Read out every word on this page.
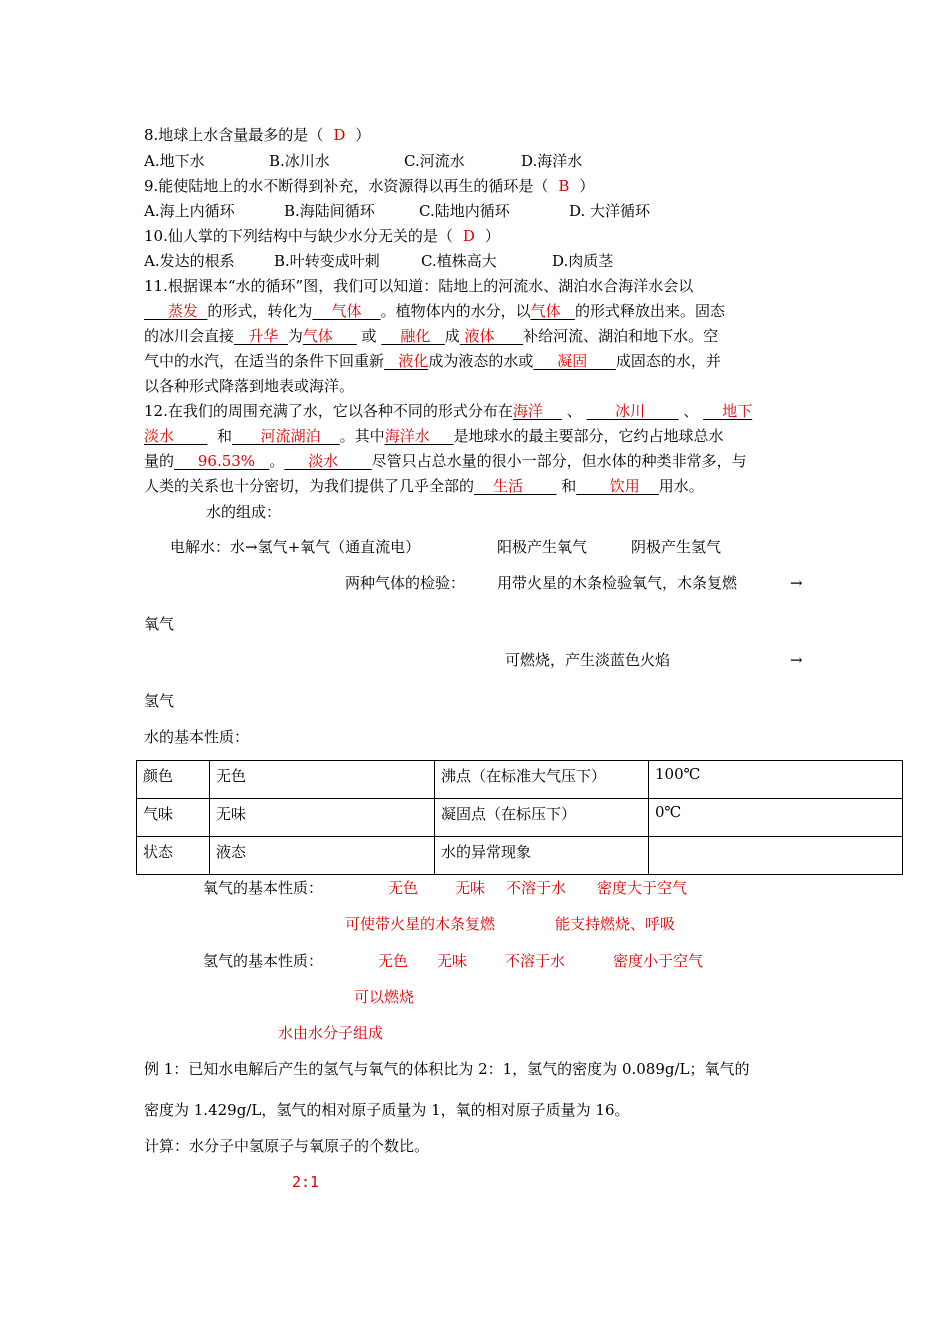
8.地球上水含量最多的是（ D ）
A.地下水	B.冰川水	C.河流水	D.海洋水
9.能使陆地上的水不断得到补充，水资源得以再生的循环是（ B ）
A.海上内循环	B.海陆间循环	C.陆地内循环	D. 大洋循环
10.仙人掌的下列结构中与缺少水分无关的是（ D ）
A.发达的根系	B.叶转变成叶刺	C.植株高大	D.肉质茎
11.根据课本“水的循环”图，我们可以知道：陆地上的河流水、湖泊水合海洋水会以
蒸发 的形式，转化为 气体 。植物体内的水分，以气体 的形式释放出来。固态
的冰川会直接 升华 为气体 或 融化 成 液体 补给河流、湖泊和地下水。空
气中的水汽，在适当的条件下回重新 液化成为液态的水或 凝固 成固态的水，并
以各种形式降落到地表或海洋。
12.在我们的周围充满了水，它以各种不同的形式分布在海洋 、 冰川	、 地下
淡水	和 河流湖泊 。其中海洋水 是地球水的最主要部分，它约占地球总水
量的 96.53% 。 淡水 尽管只占总水量的很小一部分，但水体的种类非常多，与
人类的关系也十分密切，为我们提供了几乎全部的 生活	和 饮用 用水。
水的组成：
电解水：水→氢气+氧气（通直流电）	阳极产生氧气	阴极产生氢气
两种气体的检验： 用带火星的木条检验氧气，木条复燃	→
氧气
可燃烧，产生淡蓝色火焰	→
氢气
水的基本性质：
颜色	无色	沸点（在标准大气压下）	100℃
气味	无味	凝固点（在标压下）	0℃
状态	液态	水的异常现象	
氧气的基本性质：	无色 无味 不溶于水 密度大于空气
可使带火星的木条复燃	能支持燃烧、呼吸
氢气的基本性质：	无色 无味	不溶于水	密度小于空气
可以燃烧
水由水分子组成
例 1：已知水电解后产生的氢气与氧气的体积比为 2：1，氢气的密度为 0.089g/L；氧气的
密度为 1.429g/L，氢气的相对原子质量为 1，氧的相对原子质量为 16。
计算：水分子中氢原子与氧原子的个数比。
2:1
